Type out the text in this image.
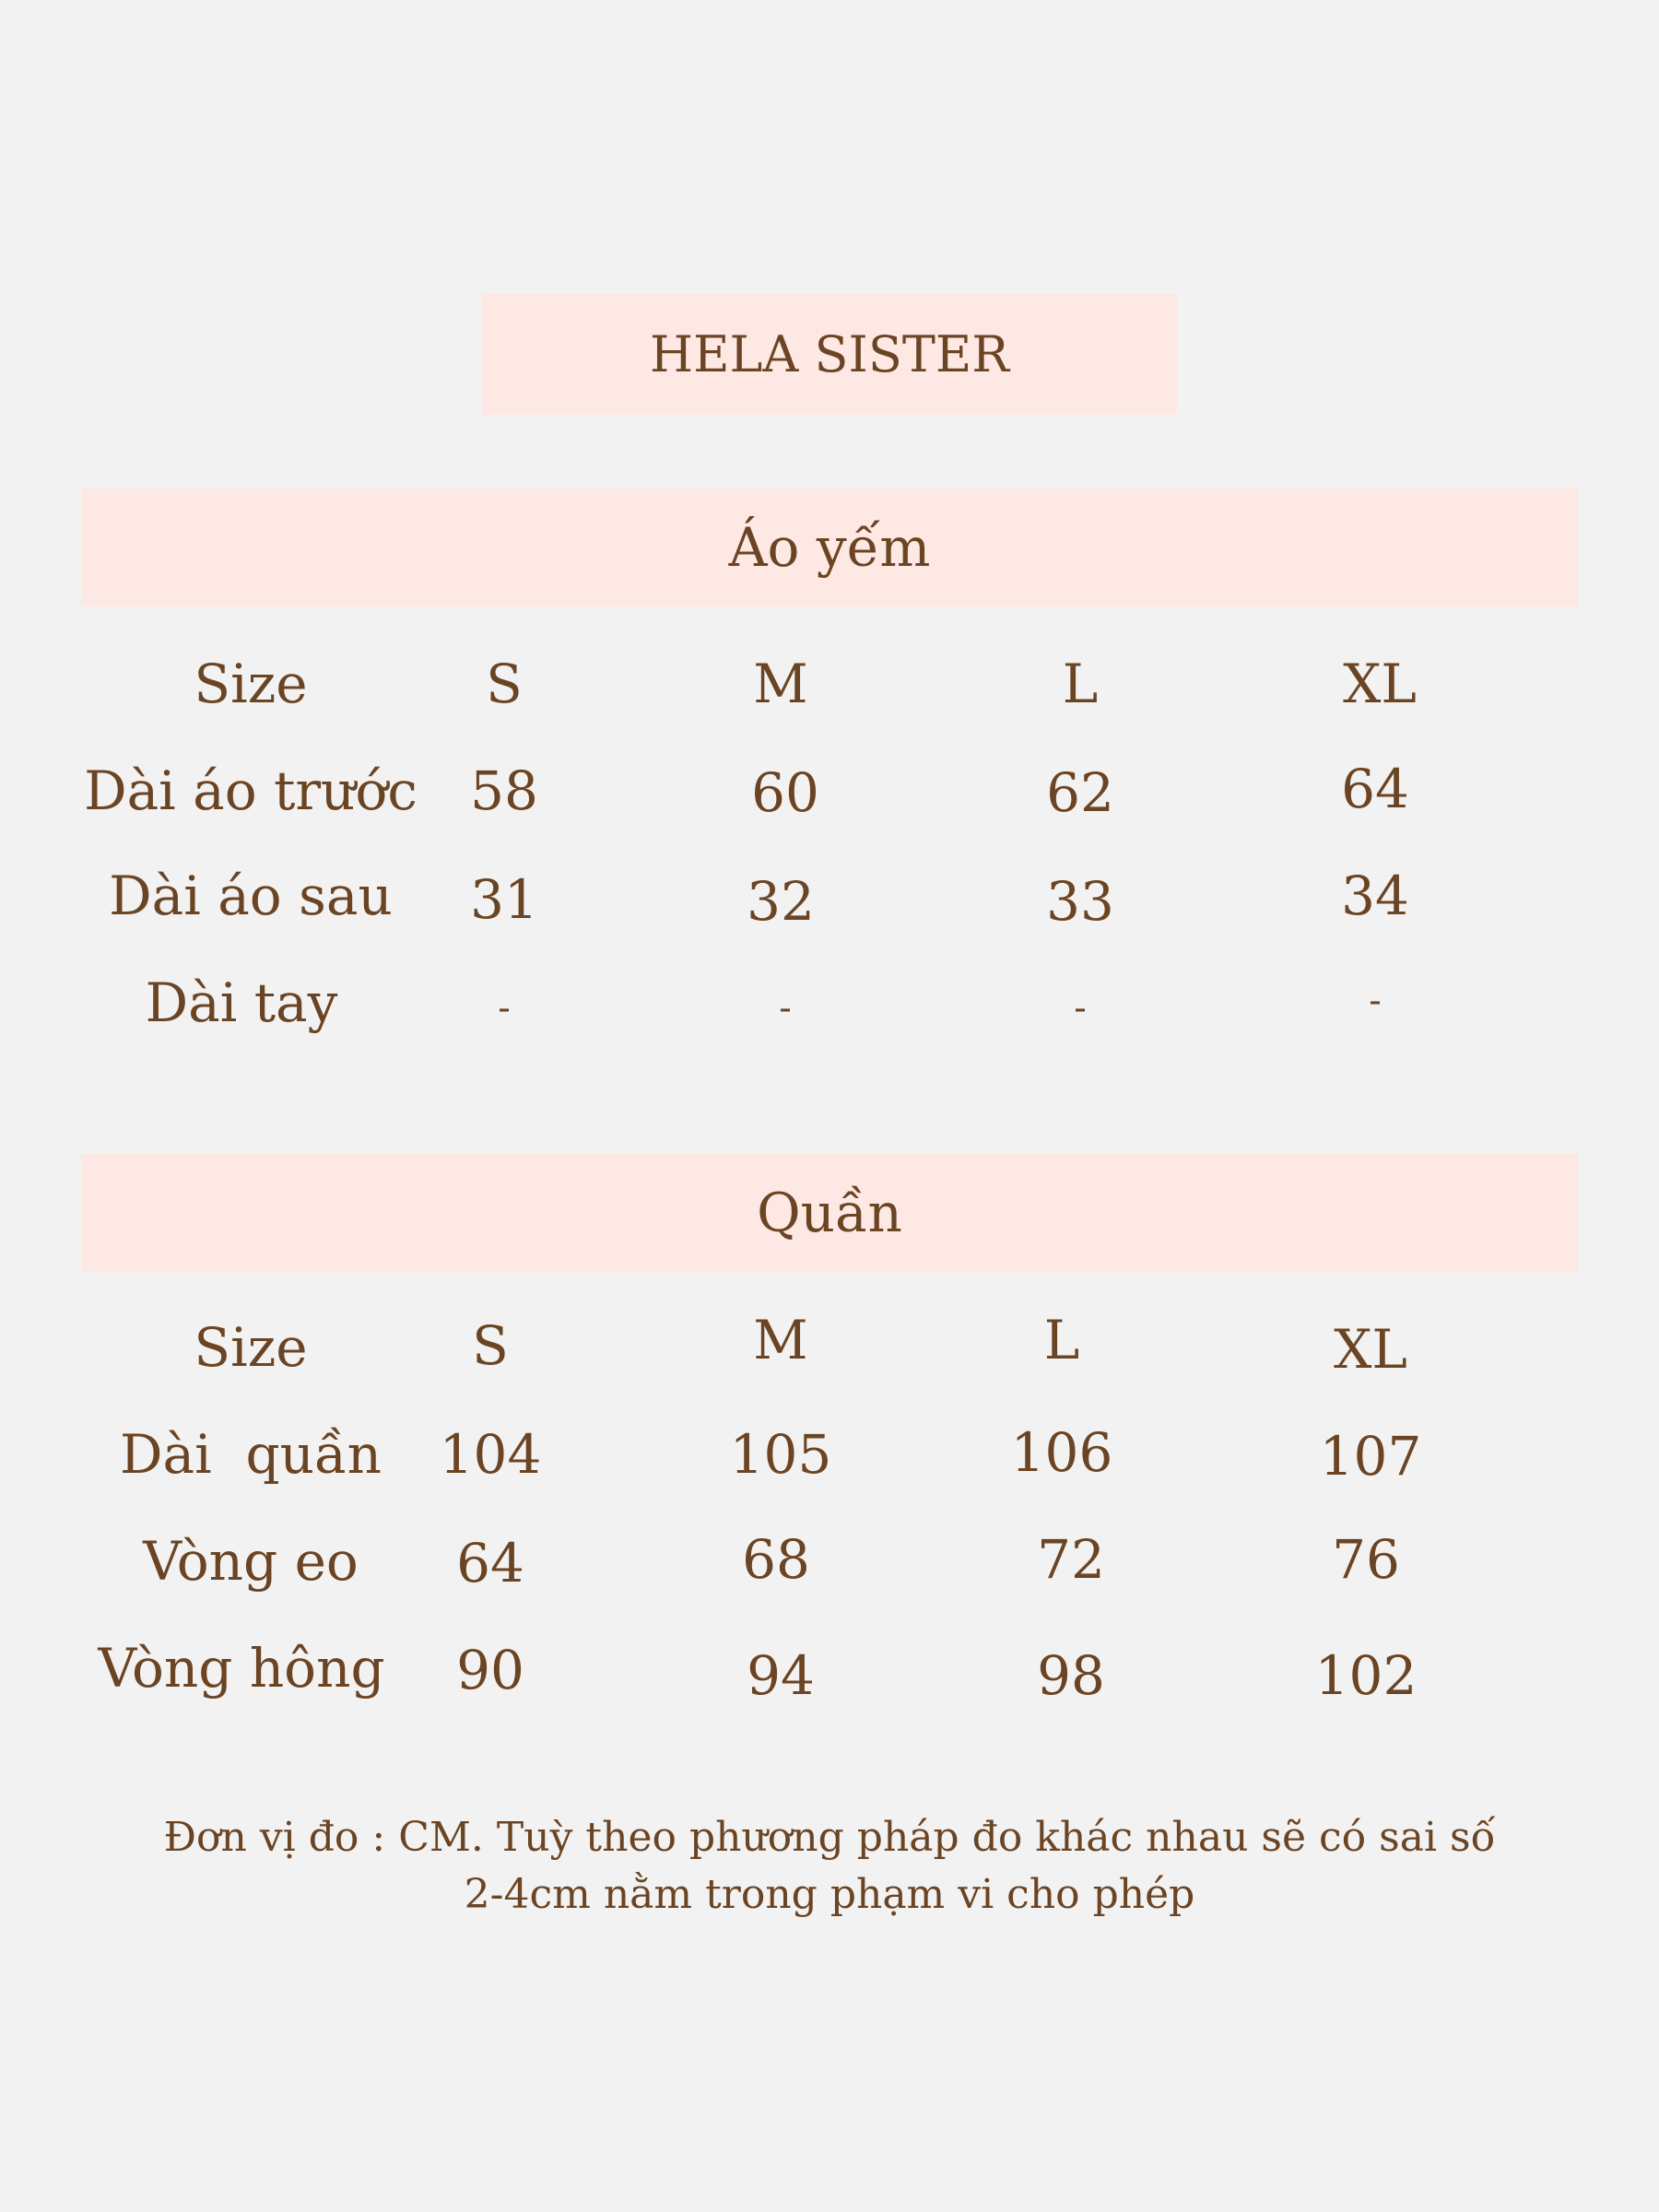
HELA SISTER
Áo yếm
Size	S	M	L	XL
Dài áo trước 58	60	62	64
Dài áo sau 31	32	33	34
Dài tay	-	-	-	-
Quần
Size	S	M	L	XL
Dài  quần 104	105	106	107
Vòng eo 64	68	72	76
Vòng hông 90	94	98	102
Đơn vị đo : CM. Tuỳ theo phương pháp đo khác nhau sẽ có sai số
2-4cm nằm trong phạm vi cho phép
